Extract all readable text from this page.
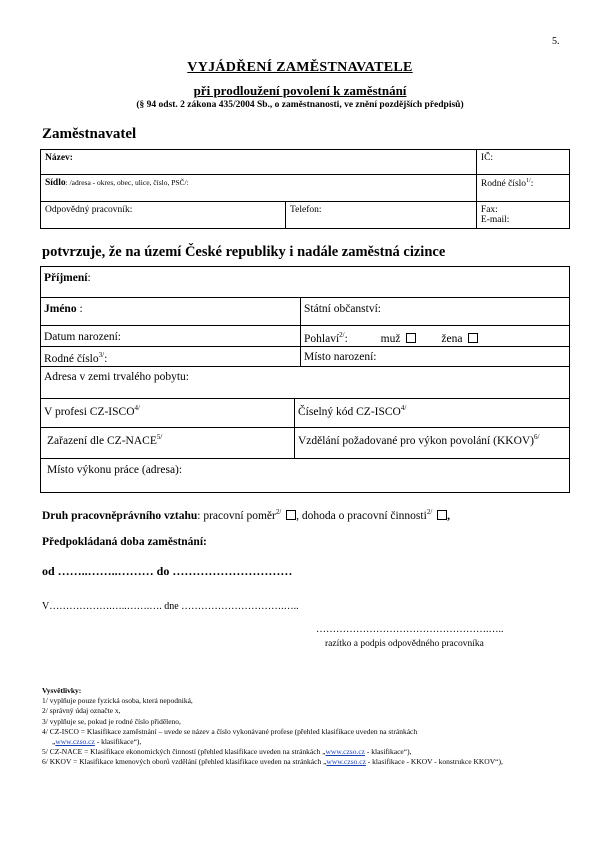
5.
VYJÁDŘENÍ ZAMĚSTNAVATELE
při prodloužení povolení k zaměstnání
(§ 94 odst. 2 zákona 435/2004 Sb., o zaměstnanosti, ve znění pozdějších předpisů)
Zaměstnavatel
Název:		IČ:
Sídlo: /adresa - okres, obec, ulice, číslo, PSČ/:		Rodné číslo$^{1/}$:
Odpovědný pracovník:	Telefon:	Fax:
E-mail:
potvrzuje, že na území České republiky i nadále zaměstná cizince
Příjmení:
Jméno :	Státní občanství:
Datum narození:	Pohlaví$^{2/}$:	muž	žena
Rodné číslo$^{3/}$:	Místo narození:
Adresa v zemi trvalého pobytu:
V profesi $CZ-ISCO^{4/}$	Číselný kód $CZ-ISCO^{4/}$
Zařazení dle $CZ-NACE^{5/}$	Vzdělání požadované pro výkon povolání (KKOV)$^{6/}$
Místo výkonu práce (adresa):
Druh pracovněprávního vztahu: pracovní poměr$^{2/}$ , dohoda o pracovní činnosti$^{2/}$ ,
Předpokládaná doba zaměstnání:
od ……..……..……… do …………………………
V……………….…..…….…. dne ………………………….…..
…………………………………………….…..
razítko a podpis odpovědného pracovníka
Vysvětlivky:
1/ vyplňuje pouze fyzická osoba, která nepodniká,
2/ správný údaj označte x,
3/ vyplňuje se, pokud je rodné číslo přiděleno,
4/ CZ-ISCO = Klasifikace zaměstnání – uvede se název a číslo vykonávané profese (přehled klasifikace uveden na stránkách
„www.czso.cz - klasifikace“),
5/ CZ-NACE = Klasifikace ekonomických činností (přehled klasifikace uveden na stránkách „www.czso.cz - klasifikace“),
6/ KKOV = Klasifikace kmenových oborů vzdělání (přehled klasifikace uveden na stránkách „www.czso.cz - klasifikace - KKOV - konstrukce KKOV“),
